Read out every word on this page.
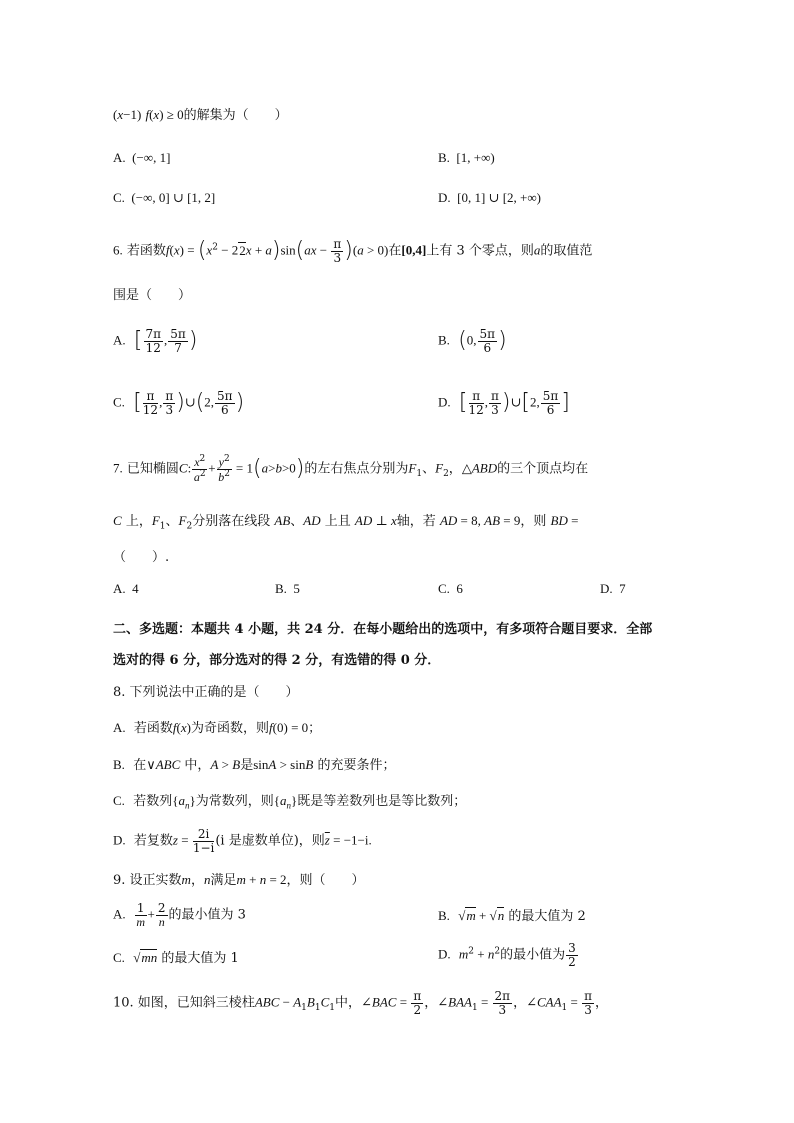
(x−1) f(x) ≥ 0的解集为（　　）
A.  (−∞, 1]	B.  [1, +∞)
C.  (−∞, 0] ∪ [1, 2]	D.  [0, 1] ∪ [2, +∞)
6. 若函数$f(x) = (x^2 - 22x + a)\sin(ax - \frac{\pi}{3} )(a > 0)$在[0,4]上有 3 个零点，则a的取值范
围是（　　）
A. [ $\frac{7\pi}{12}$ , $\frac{5\pi}{7}$ )	B. (0, $\frac{5\pi}{6}$ )
C. [ $\frac{\pi}{12}$ , $\frac{\pi}{3}$ )∪(2, $\frac{5\pi}{6}$ )	D. [ $\frac{\pi}{12}$ , $\frac{\pi}{3}$ )∪[2, $\frac{5\pi}{6}$ ]
7. 已知椭圆C: $\frac{x^2}{a^2} + \frac{y^2}{b^2} = 1(a>b>0)$的左右焦点分别为$F_1$、$F_2$，△ABD的三个顶点均在
C 上，$F_1$、$F_2$分别落在线段 AB、AD 上且 AD ⊥ x轴，若 AD = 8, AB = 9，则 BD =
（　　）.
A.  4	B.  5	C.  6	D.  7
二、多选题：本题共 4 小题，共 24 分．在每小题给出的选项中，有多项符合题目要求．全部
选对的得 6 分，部分选对的得 2 分，有选错的得 0 分．
8. 下列说法中正确的是（　　）
A. 若函数f(x)为奇函数，则f(0) = 0；
B. 在∨ABC 中，A > B是sinA > sinB 的充要条件；
C. 若数列$\{a_n\}$为常数列，则$\{a_n\}$既是等差数列也是等比数列；
D. 若复数$z = \frac{2i}{1-i} (i$ 是虚数单位)，则$\overline{z} = -1-i$.
9. 设正实数m，n满足m + n = 2，则（　　）
A. $\frac{1}{m} + \frac{2}{n}$ 的最小值为 3	B. √m + √n 的最大值为 2
C. √mn 的最大值为 1	D. $m^2 + n^2$的最小值为 $\frac{3}{2}$
10. 如图，已知斜三棱柱ABC − $A_1B_1C_1$中，∠BAC = $\frac{\pi}{2}$ ，$\angle BAA_1 = \frac{2\pi}{3}$ ，$\angle CAA_1 = \frac{\pi}{3}$ ，
